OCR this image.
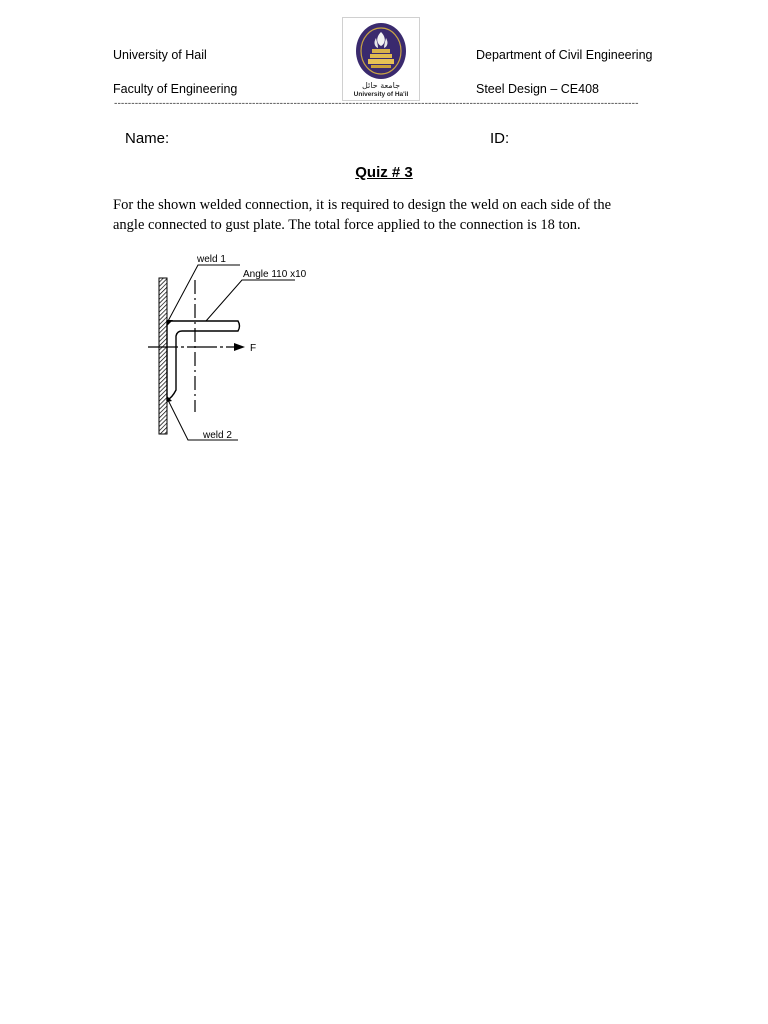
University of Hail
Faculty of Engineering
Department of Civil Engineering
Steel Design – CE408
جامعة حائل
University of Ha'il
--------------------------------------------------------------------------------------------------------------------------------------------------------
Name:	ID:
Quiz # 3
For the shown welded connection, it is required to design the weld on each side of the angle connected to gust plate. The total force applied to the connection is 18 ton.
weld 1
Angle 110 x10
F
weld 2
